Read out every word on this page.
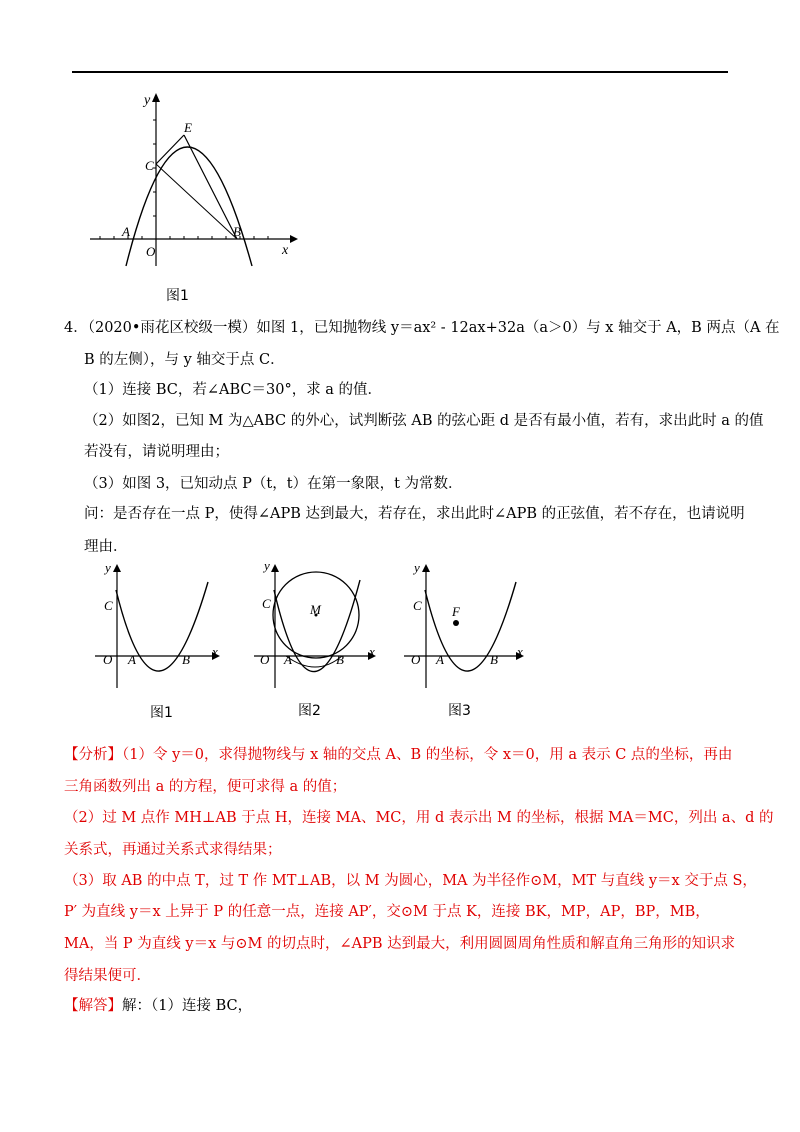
y
x
E
C
A
O
B
图1
4．（2020•雨花区校级一模）如图 1，已知抛物线 y＝ax² - 12ax+32a（a＞0）与 x 轴交于 A，B 两点（A 在
B 的左侧），与 y 轴交于点 C．
（1）连接 BC，若∠ABC＝30°，求 a 的值．
（2）如图2，已知 M 为△ABC 的外心，试判断弦 AB 的弦心距 d 是否有最小值，若有，求出此时 a 的值
若没有，请说明理由；
（3）如图 3，已知动点 P（t，t）在第一象限，t 为常数．
问：是否存在一点 P，使得∠APB 达到最大，若存在，求出此时∠APB 的正弦值，若不存在，也请说明
理由．
y
C
O A	B
x
图1
y
C	M
O A	B
x
图2
y
C F
O A	B
x
图3
【分析】（1）令 y＝0，求得抛物线与 x 轴的交点 A、B 的坐标，令 x＝0，用 a 表示 C 点的坐标，再由
三角函数列出 a 的方程，便可求得 a 的值；
（2）过 M 点作 MH⊥AB 于点 H，连接 MA、MC，用 d 表示出 M 的坐标，根据 MA＝MC，列出 a、d 的
关系式，再通过关系式求得结果；
（3）取 AB 的中点 T，过 T 作 MT⊥AB，以 M 为圆心，MA 为半径作⊙M，MT 与直线 y＝x 交于点 S，
P′ 为直线 y＝x 上异于 P 的任意一点，连接 AP′，交⊙M 于点 K，连接 BK，MP，AP，BP，MB，
MA，当 P 为直线 y＝x 与⊙M 的切点时，∠APB 达到最大，利用圆圆周角性质和解直角三角形的知识求
得结果便可．
【解答】解：（1）连接 BC，
